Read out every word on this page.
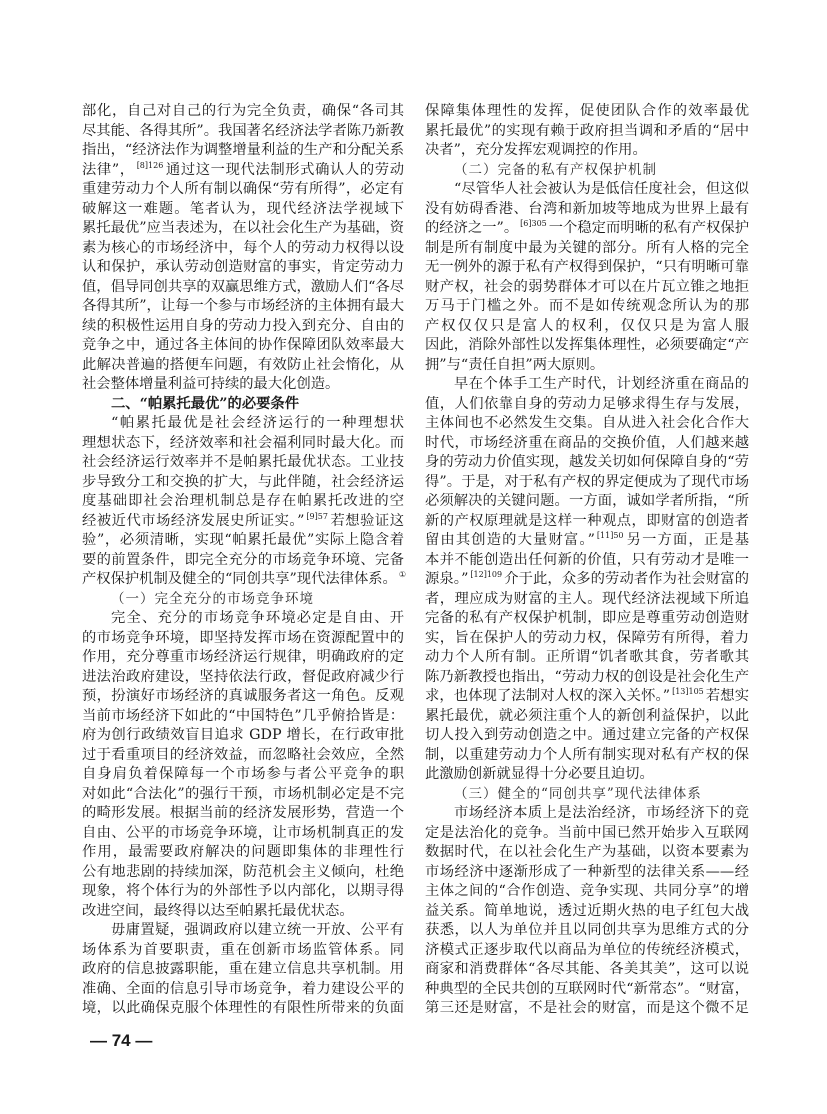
部化，自己对自己的行为完全负责，确保“各司其
尽其能、各得其所”。我国著名经济法学者陈乃新教
指出，“经济法作为调整增量利益的生产和分配关系
法律”， $^{[8]126}$ 通过这一现代法制形式确认人的劳动
重建劳动力个人所有制以确保“劳有所得”，必定有
破解这一难题。笔者认为，现代经济法学视域下
累托最优”应当表述为，在以社会化生产为基础，资
素为核心的市场经济中，每个人的劳动力权得以设
认和保护，承认劳动创造财富的事实，肯定劳动力
值，倡导同创共享的双赢思维方式，激励人们“各尽
各得其所”，让每一个参与市场经济的主体拥有最大
续的积极性运用自身的劳动力投入到充分、自由的
竞争之中，通过各主体间的协作保障团队效率最大
此解决普遍的搭便车问题，有效防止社会惰化，从
社会整体增量利益可持续的最大化创造。
二、“帕累托最优”的必要条件
“帕累托最优是社会经济运行的一种理想状
理想状态下，经济效率和社会福利同时最大化。而
社会经济运行效率并不是帕累托最优状态。工业技
步导致分工和交换的扩大，与此伴随，社会经济运
度基础即社会治理机制总是存在帕累托改进的空
经被近代市场经济发展史所证实。” $^{[9]57}$ 若想验证这
验”，必须清晰，实现“帕累托最优”实际上隐含着
要的前置条件，即完全充分的市场竞争环境、完备
产权保护机制及健全的“同创共享”现代法律体系。 ①
（一）完全充分的市场竞争环境
完全、充分的市场竞争环境必定是自由、开
的市场竞争环境，即坚持发挥市场在资源配置中的
作用，充分尊重市场经济运行规律，明确政府的定
进法治政府建设，坚持依法行政，督促政府减少行
预，扮演好市场经济的真诚服务者这一角色。反观
当前市场经济下如此的“中国特色”几乎俯拾皆是：
府为创行政绩效盲目追求 GDP 增长，在行政审批
过于看重项目的经济效益，而忽略社会效应，全然
自身肩负着保障每一个市场参与者公平竞争的职
对如此“合法化”的强行干预，市场机制必定是不完
的畸形发展。根据当前的经济发展形势，营造一个
自由、公平的市场竞争环境，让市场机制真正的发
作用，最需要政府解决的问题即集体的非理性行
公有地悲剧的持续加深，防范机会主义倾向，杜绝
现象，将个体行为的外部性予以内部化，以期寻得
改进空间，最终得以达至帕累托最优状态。
毋庸置疑，强调政府以建立统一开放、公平有
场体系为首要职责，重在创新市场监管体系。同
政府的信息披露职能，重在建立信息共享机制。用
准确、全面的信息引导市场竞争，着力建设公平的
境，以此确保克服个体理性的有限性所带来的负面
保障集体理性的发挥，促使团队合作的效率最优
累托最优”的实现有赖于政府担当调和矛盾的“居中
决者”，充分发挥宏观调控的作用。
（二）完备的私有产权保护机制
“尽管华人社会被认为是低信任度社会，但这似
没有妨碍香港、台湾和新加坡等地成为世界上最有
的经济之一”。 $^{[6]305}$ 一个稳定而明晰的私有产权保护
制是所有制度中最为关键的部分。所有人格的完全
无一例外的源于私有产权得到保护，“只有明晰可靠
财产权，社会的弱势群体才可以在片瓦立锥之地拒
万马于门槛之外。而不是如传统观念所认为的那
产权仅仅只是富人的权利，仅仅只是为富人服
因此，消除外部性以发挥集体理性，必须要确定“产
拥”与“责任自担”两大原则。
早在个体手工生产时代，计划经济重在商品的
值，人们依靠自身的劳动力足够求得生存与发展，
主体间也不必然发生交集。自从进入社会化合作大
时代，市场经济重在商品的交换价值，人们越来越
身的劳动力价值实现，越发关切如何保障自身的“劳
得”。于是，对于私有产权的界定便成为了现代市场
必须解决的关键问题。一方面，诚如学者所指，“所
新的产权原理就是这样一种观点，即财富的创造者
留由其创造的大量财富。” $^{[11]50}$ 另一方面，正是基
本并不能创造出任何新的价值，只有劳动才是唯一
源泉。” $^{[12]109}$ 介于此，众多的劳动者作为社会财富的
者，理应成为财富的主人。现代经济法视域下所追
完备的私有产权保护机制，即应是尊重劳动创造财
实，旨在保护人的劳动力权，保障劳有所得，着力
动力个人所有制。正所谓“饥者歌其食，劳者歌其
陈乃新教授也指出，“劳动力权的创设是社会化生产
求，也体现了法制对人权的深入关怀。” $^{[13]105}$ 若想实
累托最优，就必须注重个人的新创利益保护，以此
切人投入到劳动创造之中。通过建立完备的产权保
制，以重建劳动力个人所有制实现对私有产权的保
此激励创新就显得十分必要且迫切。
（三）健全的“同创共享”现代法律体系
市场经济本质上是法治经济，市场经济下的竞
定是法治化的竞争。当前中国已然开始步入互联网
数据时代，在以社会化生产为基础，以资本要素为
市场经济中逐渐形成了一种新型的法律关系——经
主体之间的“合作创造、竞争实现、共同分享”的增
益关系。简单地说，透过近期火热的电子红包大战
获悉，以人为单位并且以同创共享为思维方式的分
济模式正逐步取代以商品为单位的传统经济模式，
商家和消费群体“各尽其能、各美其美”，这可以说
种典型的全民共创的互联网时代“新常态”。“财富，
第三还是财富，不是社会的财富，而是这个微不足
— 74 —
